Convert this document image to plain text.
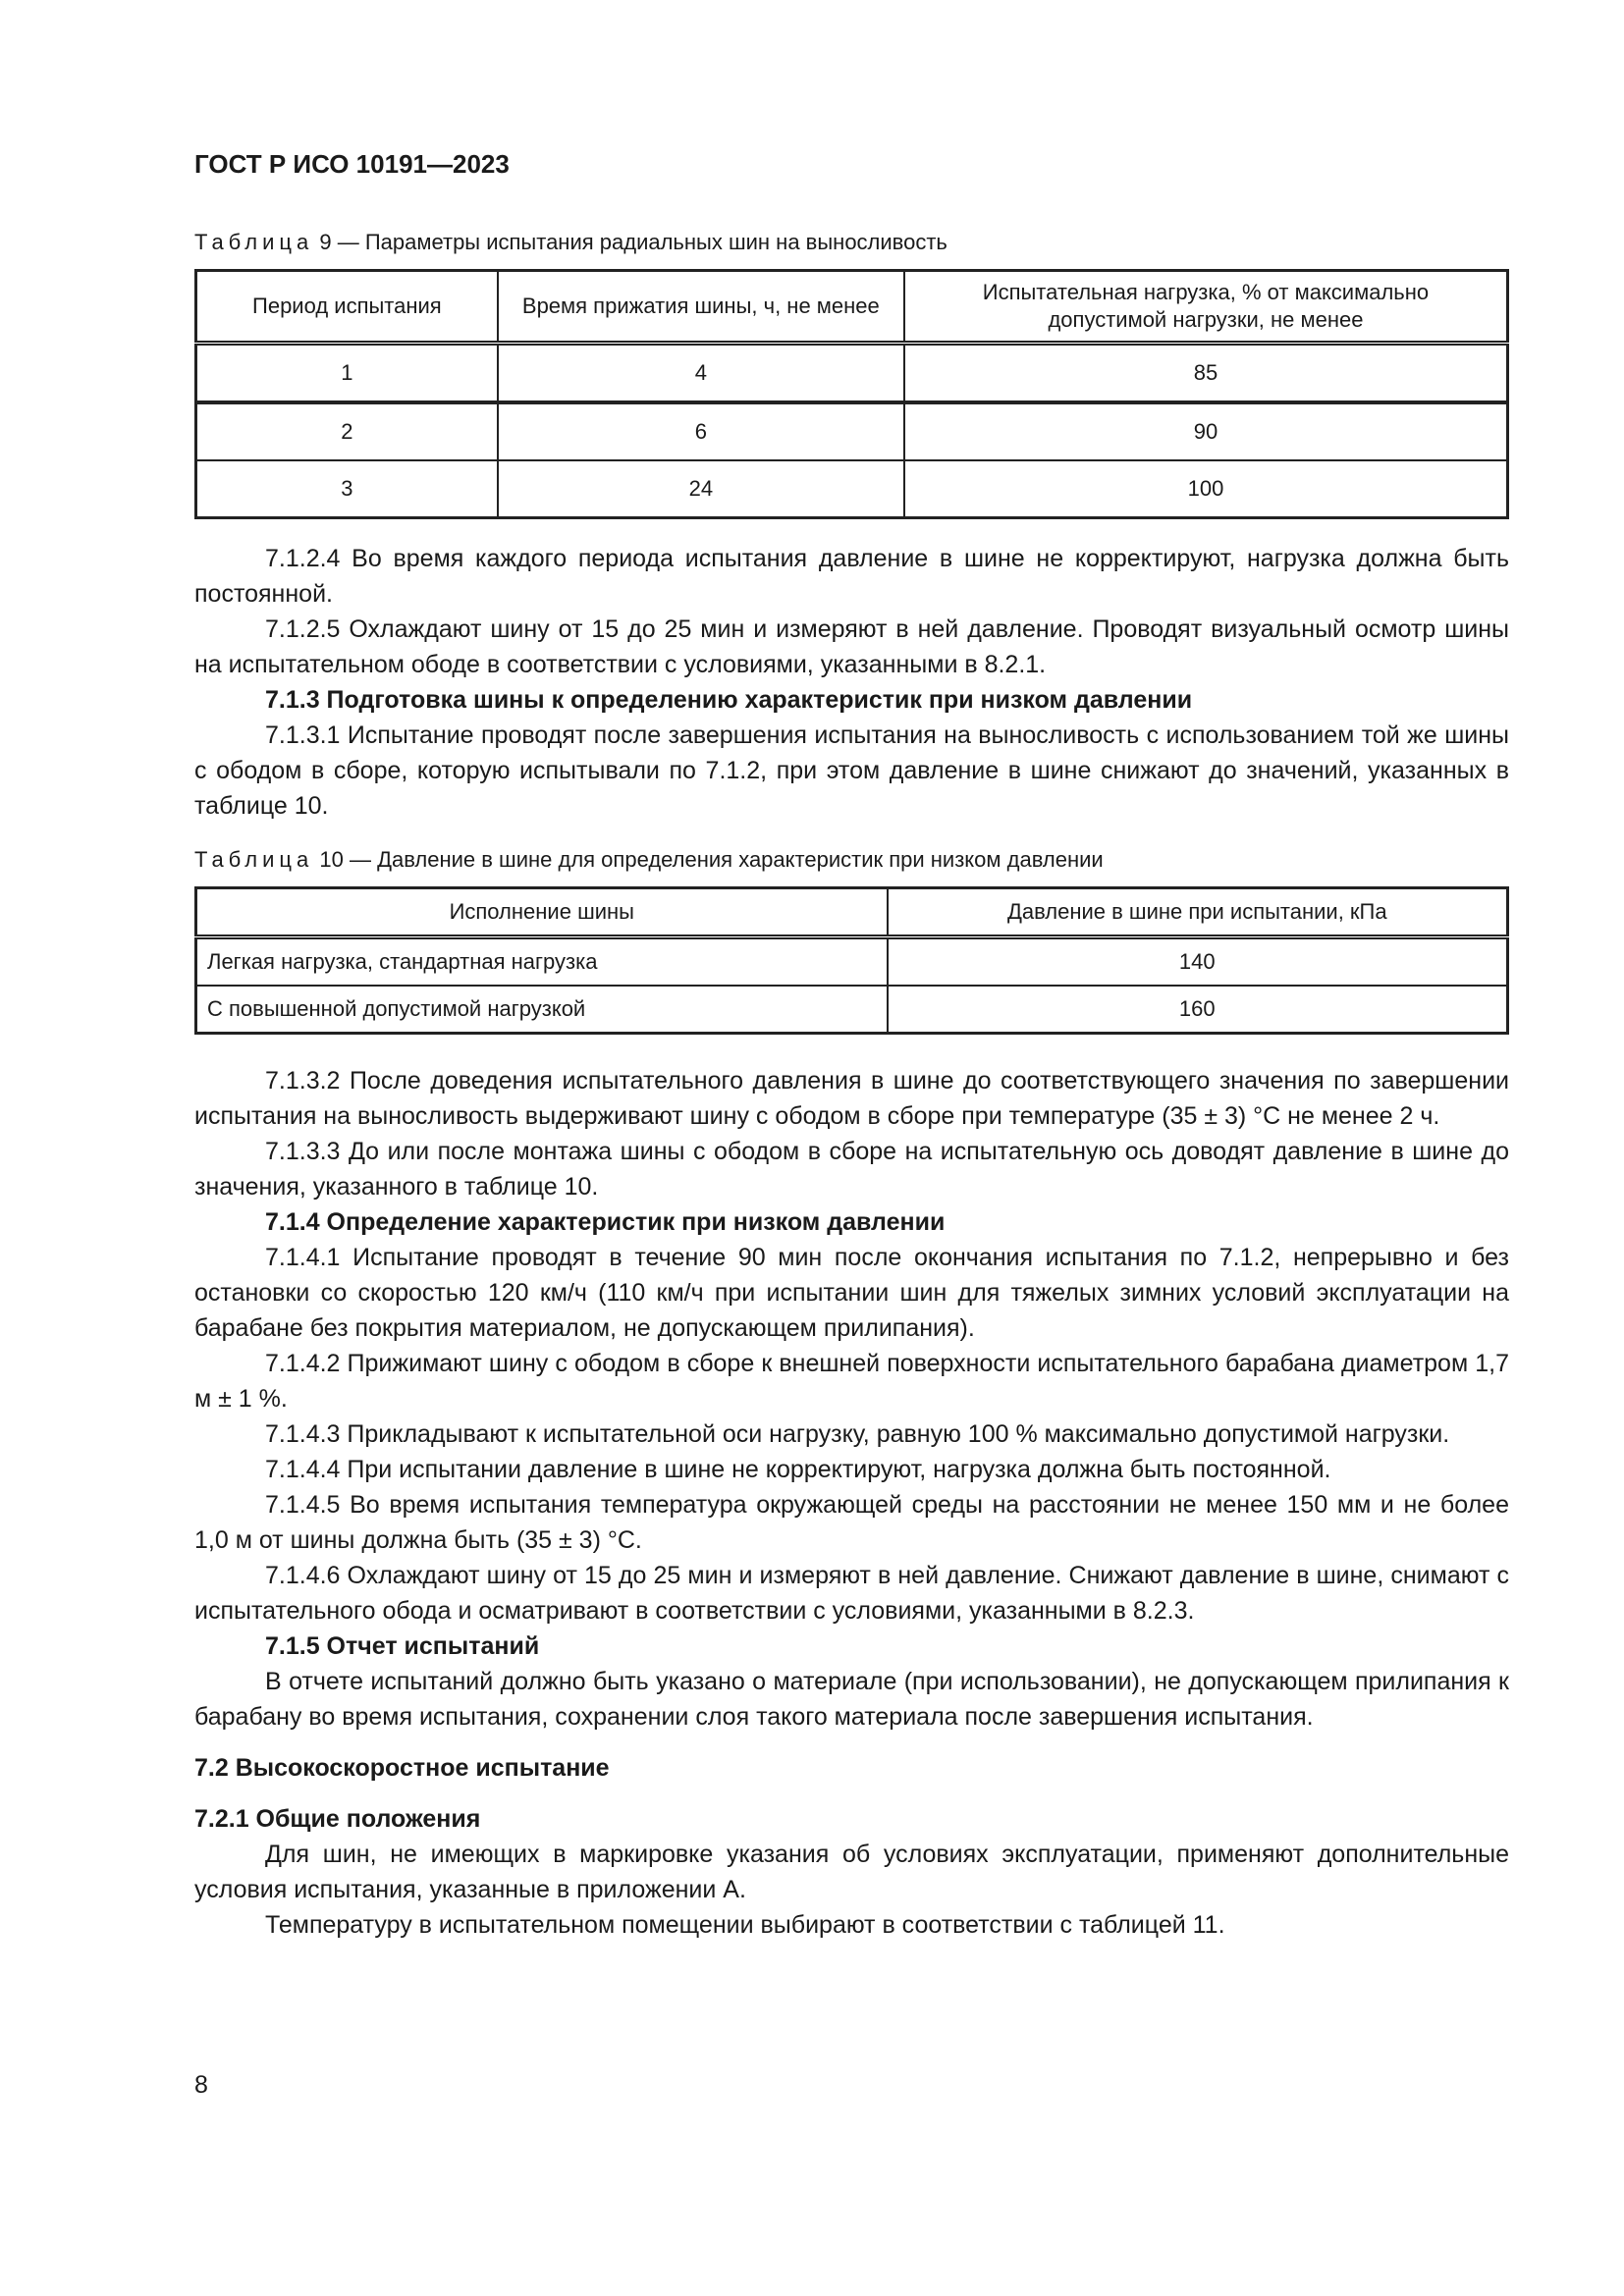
ГОСТ Р ИСО 10191—2023
Таблица 9 — Параметры испытания радиальных шин на выносливость
Период испытания	Время прижатия шины, ч, не менее	Испытательная нагрузка, % от максимально допустимой нагрузки, не менее
1	4	85
2	6	90
3	24	100

7.1.2.4 Во время каждого периода испытания давление в шине не корректируют, нагрузка должна быть постоянной.

7.1.2.5 Охлаждают шину от 15 до 25 мин и измеряют в ней давление. Проводят визуальный осмотр шины на испытательном ободе в соответствии с условиями, указанными в 8.2.1.

7.1.3 Подготовка шины к определению характеристик при низком давлении

7.1.3.1 Испытание проводят после завершения испытания на выносливость с использованием той же шины с ободом в сборе, которую испытывали по 7.1.2, при этом давление в шине снижают до значений, указанных в таблице 10.

Таблица 10 — Давление в шине для определения характеристик при низком давлении
Исполнение шины	Давление в шине при испытании, кПа
Легкая нагрузка, стандартная нагрузка	140
С повышенной допустимой нагрузкой	160

7.1.3.2 После доведения испытательного давления в шине до соответствующего значения по завершении испытания на выносливость выдерживают шину с ободом в сборе при температуре (35 ± 3) °С не менее 2 ч.

7.1.3.3 До или после монтажа шины с ободом в сборе на испытательную ось доводят давление в шине до значения, указанного в таблице 10.

7.1.4 Определение характеристик при низком давлении

7.1.4.1 Испытание проводят в течение 90 мин после окончания испытания по 7.1.2, непрерывно и без остановки со скоростью 120 км/ч (110 км/ч при испытании шин для тяжелых зимних условий эксплуатации на барабане без покрытия материалом, не допускающем прилипания).

7.1.4.2 Прижимают шину с ободом в сборе к внешней поверхности испытательного барабана диаметром 1,7 м ± 1 %.

7.1.4.3 Прикладывают к испытательной оси нагрузку, равную 100 % максимально допустимой нагрузки.

7.1.4.4 При испытании давление в шине не корректируют, нагрузка должна быть постоянной.

7.1.4.5 Во время испытания температура окружающей среды на расстоянии не менее 150 мм и не более 1,0 м от шины должна быть (35 ± 3) °С.

7.1.4.6 Охлаждают шину от 15 до 25 мин и измеряют в ней давление. Снижают давление в шине, снимают с испытательного обода и осматривают в соответствии с условиями, указанными в 8.2.3.

7.1.5 Отчет испытаний

В отчете испытаний должно быть указано о материале (при использовании), не допускающем прилипания к барабану во время испытания, сохранении слоя такого материала после завершения испытания.

7.2 Высокоскоростное испытание

7.2.1 Общие положения

Для шин, не имеющих в маркировке указания об условиях эксплуатации, применяют дополнительные условия испытания, указанные в приложении А.

Температуру в испытательном помещении выбирают в соответствии с таблицей 11.

8
